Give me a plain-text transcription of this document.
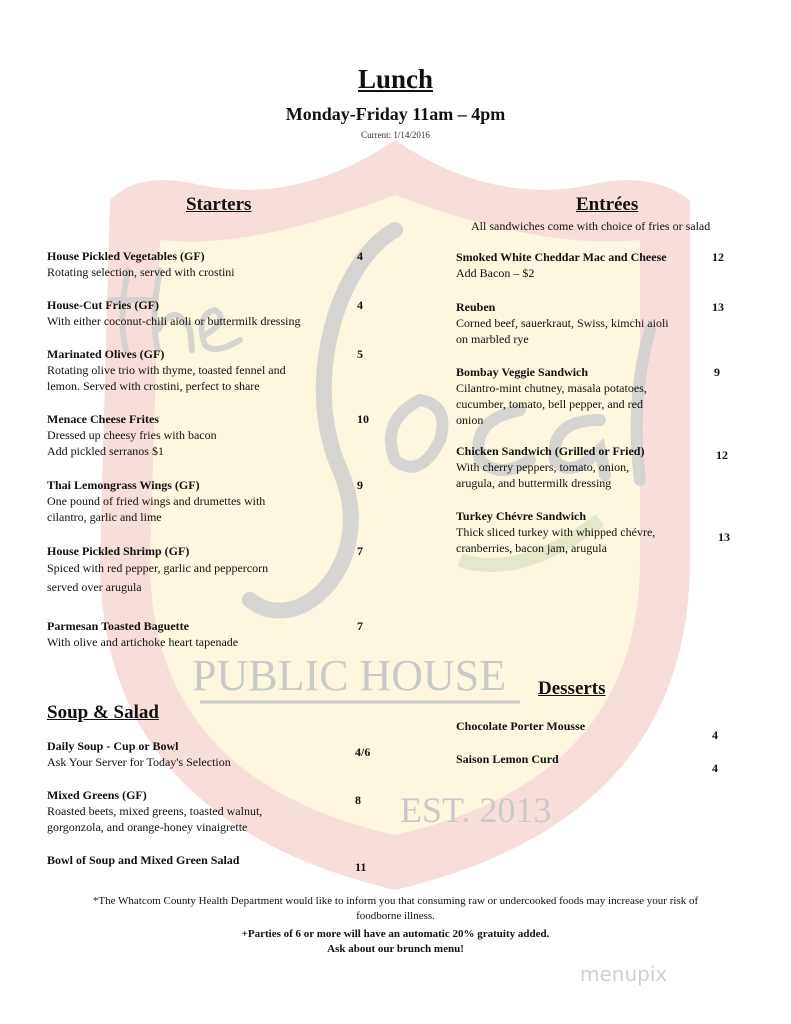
PUBLIC HOUSE
EST. 2013
menupix
Lunch
Monday-Friday 11am – 4pm
Current: 1/14/2016
Starters	Entrées
All sandwiches come with choice of fries or salad
Soup & Salad
Desserts
House Pickled Vegetables (GF)
Rotating selection, served with crostini
4
House-Cut Fries (GF)
With either coconut-chili aioli or buttermilk dressing
4
Marinated Olives (GF)
Rotating olive trio with thyme, toasted fennel and
lemon. Served with crostini, perfect to share
5
Menace Cheese Frites
Dressed up cheesy fries with bacon
Add pickled serranos $1
10
Thai Lemongrass Wings (GF)
One pound of fried wings and drumettes with
cilantro, garlic and lime
9
House Pickled Shrimp (GF)
Spiced with red pepper, garlic and peppercorn
served over arugula
7
Parmesan Toasted Baguette
With olive and artichoke heart tapenade
7
Smoked White Cheddar Mac and Cheese
Add Bacon – $2
12
Reuben
Corned beef, sauerkraut, Swiss, kimchi aioli
on marbled rye
13
Bombay Veggie Sandwich
Cilantro-mint chutney, masala potatoes,
cucumber, tomato, bell pepper, and red
onion
9
Chicken Sandwich (Grilled or Fried)
With cherry peppers, tomato, onion,
arugula, and buttermilk dressing
12
Turkey Chévre Sandwich
Thick sliced turkey with whipped chévre,
cranberries, bacon jam, arugula
13
Daily Soup - Cup or Bowl
Ask Your Server for Today's Selection
4/6
Mixed Greens (GF)
Roasted beets, mixed greens, toasted walnut,
gorgonzola, and orange-honey vinaigrette
8
Bowl of Soup and Mixed Green Salad	11
Chocolate Porter Mousse
4
Saison Lemon Curd
4
*The Whatcom County Health Department would like to inform you that consuming raw or undercooked foods may increase your risk of
foodborne illness.
+Parties of 6 or more will have an automatic 20% gratuity added.
Ask about our brunch menu!
